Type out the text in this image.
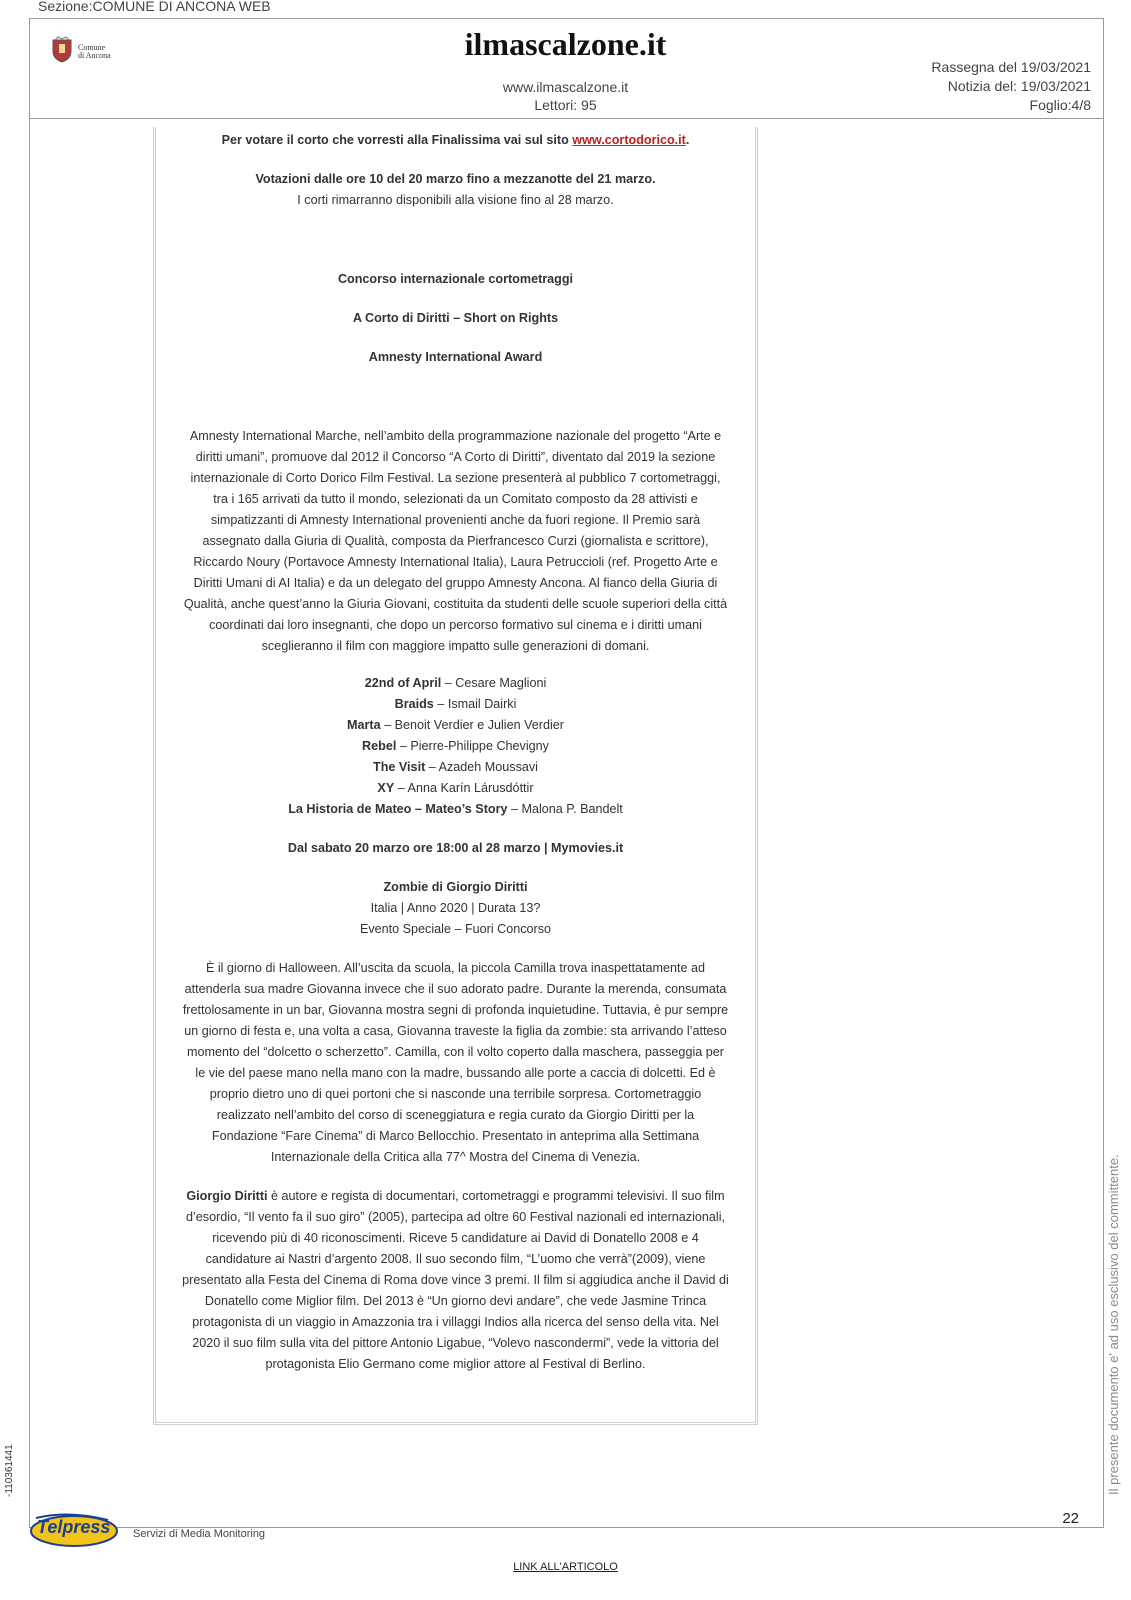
Sezione:COMUNE DI ANCONA WEB
Comune
di Ancona	ilmascalzone.it
www.ilmascalzone.it
Lettori: 95
Rassegna del 19/03/2021
Notizia del: 19/03/2021
Foglio:4/8
Per votare il corto che vorresti alla Finalissima vai sul sito www.cortodorico.it.
Votazioni dalle ore 10 del 20 marzo fino a mezzanotte del 21 marzo.
I corti rimarranno disponibili alla visione fino al 28 marzo.
Concorso internazionale cortometraggi
A Corto di Diritti – Short on Rights
Amnesty International Award
Amnesty International Marche, nell’ambito della programmazione nazionale del progetto “Arte e
diritti umani”, promuove dal 2012 il Concorso “A Corto di Diritti”, diventato dal 2019 la sezione
internazionale di Corto Dorico Film Festival. La sezione presenterà al pubblico 7 cortometraggi,
tra i 165 arrivati da tutto il mondo, selezionati da un Comitato composto da 28 attivisti e
simpatizzanti di Amnesty International provenienti anche da fuori regione. Il Premio sarà
assegnato dalla Giuria di Qualità, composta da Pierfrancesco Curzi (giornalista e scrittore),
Riccardo Noury (Portavoce Amnesty International Italia), Laura Petruccioli (ref. Progetto Arte e
Diritti Umani di AI Italia) e da un delegato del gruppo Amnesty Ancona. Al fianco della Giuria di
Qualità, anche quest’anno la Giuria Giovani, costituita da studenti delle scuole superiori della città
coordinati dai loro insegnanti, che dopo un percorso formativo sul cinema e i diritti umani
sceglieranno il film con maggiore impatto sulle generazioni di domani.
22nd of April – Cesare Maglioni
Braids – Ismail Dairki
Marta – Benoit Verdier e Julien Verdier
Rebel – Pierre-Philippe Chevigny
The Visit – Azadeh Moussavi
XY – Anna Karín Lárusdóttir
La Historia de Mateo – Mateo’s Story – Malona P. Bandelt
Dal sabato 20 marzo ore 18:00 al 28 marzo | Mymovies.it
Zombie di Giorgio Diritti
Italia | Anno 2020 | Durata 13?
Evento Speciale – Fuori Concorso
È il giorno di Halloween. All’uscita da scuola, la piccola Camilla trova inaspettatamente ad
attenderla sua madre Giovanna invece che il suo adorato padre. Durante la merenda, consumata
frettolosamente in un bar, Giovanna mostra segni di profonda inquietudine. Tuttavia, è pur sempre
un giorno di festa e, una volta a casa, Giovanna traveste la figlia da zombie: sta arrivando l’atteso
momento del “dolcetto o scherzetto”. Camilla, con il volto coperto dalla maschera, passeggia per
le vie del paese mano nella mano con la madre, bussando alle porte a caccia di dolcetti. Ed è
proprio dietro uno di quei portoni che si nasconde una terribile sorpresa. Cortometraggio
realizzato nell’ambito del corso di sceneggiatura e regia curato da Giorgio Diritti per la
Fondazione “Fare Cinema” di Marco Bellocchio. Presentato in anteprima alla Settimana
Internazionale della Critica alla 77^ Mostra del Cinema di Venezia.
Giorgio Diritti è autore e regista di documentari, cortometraggi e programmi televisivi. Il suo film
d’esordio, “Il vento fa il suo giro” (2005), partecipa ad oltre 60 Festival nazionali ed internazionali,
ricevendo più di 40 riconoscimenti. Riceve 5 candidature ai David di Donatello 2008 e 4
candidature ai Nastri d’argento 2008. Il suo secondo film, “L’uomo che verrà”(2009), viene
presentato alla Festa del Cinema di Roma dove vince 3 premi. Il film si aggiudica anche il David di
Donatello come Miglior film. Del 2013 è “Un giorno devi andare”, che vede Jasmine Trinca
protagonista di un viaggio in Amazzonia tra i villaggi Indios alla ricerca del senso della vita. Nel
2020 il suo film sulla vita del pittore Antonio Ligabue, “Volevo nascondermi”, vede la vittoria del
protagonista Elio Germano come miglior attore al Festival di Berlino.	Il presente documento e' ad uso esclusivo del committente.
-110361441
22
Telpress Servizi di Media Monitoring
LINK ALL'ARTICOLO
